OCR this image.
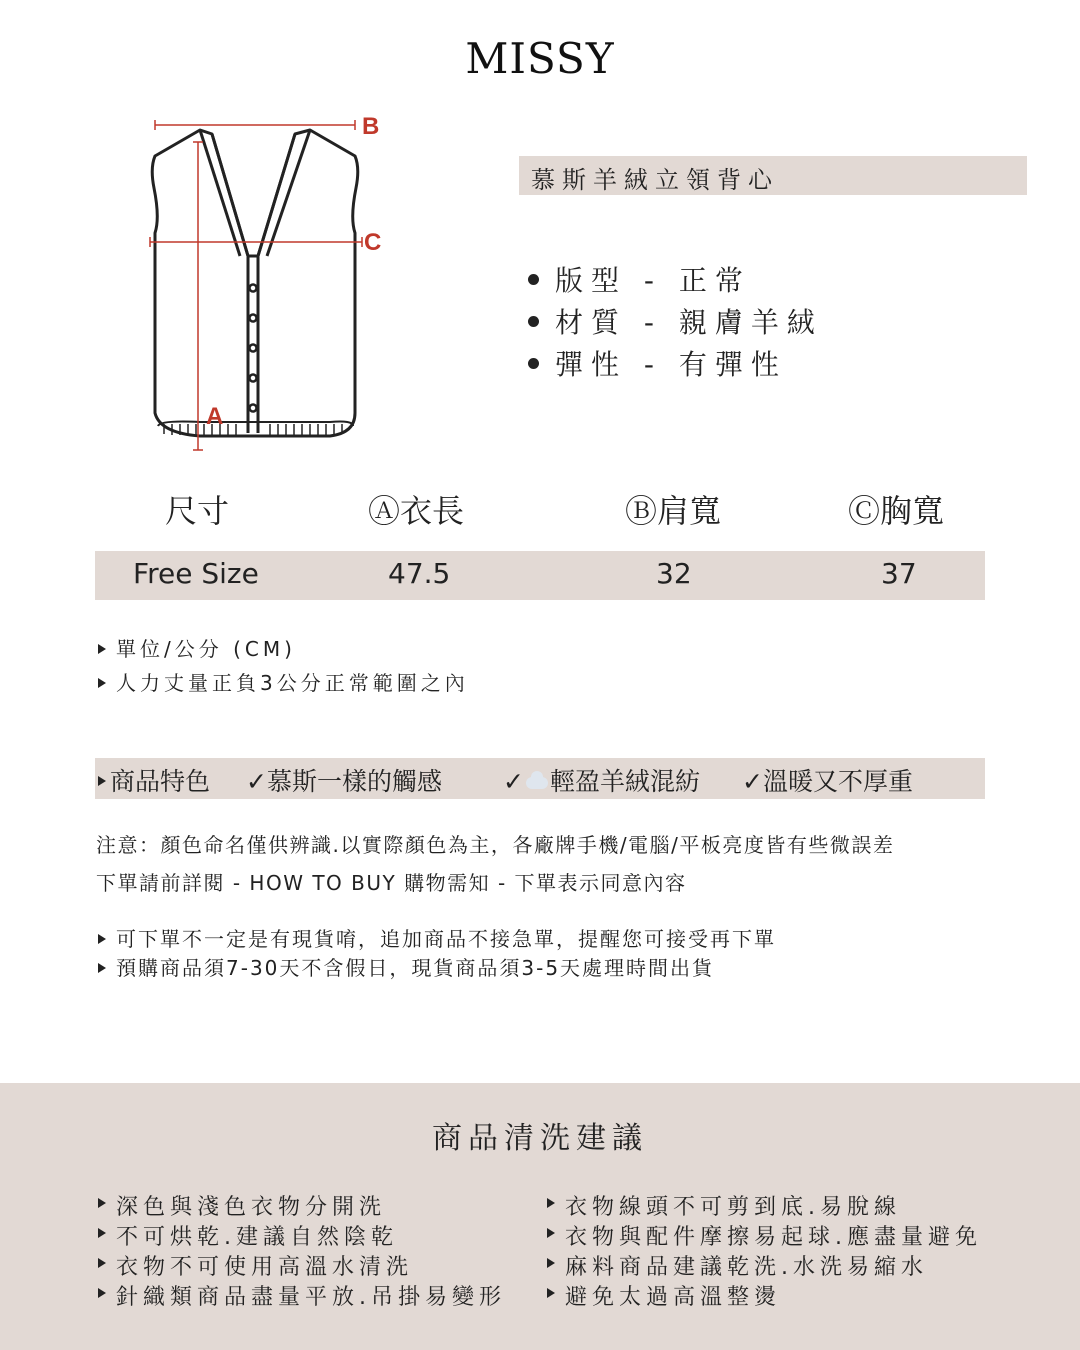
MISSY
B
C
A
慕斯羊絨立領背心
版型 - 正常
材質 - 親膚羊絨
彈性 - 有彈性
尺寸	Ⓐ衣長	Ⓑ肩寬	Ⓒ胸寬
Free Size	47.5	32	37
單位/公分 (CM)
人力丈量正負3公分正常範圍之內
商品特色 ✓慕斯一樣的觸感 ✓ 輕盈羊絨混紡 ✓溫暖又不厚重
注意：顏色命名僅供辨識.以實際顏色為主，各廠牌手機/電腦/平板亮度皆有些微誤差
下單請前詳閱 - HOW TO BUY 購物需知 - 下單表示同意內容
可下單不一定是有現貨唷，追加商品不接急單，提醒您可接受再下單
預購商品須7-30天不含假日，現貨商品須3-5天處理時間出貨
商品清洗建議
深色與淺色衣物分開洗
不可烘乾.建議自然陰乾
衣物不可使用高溫水清洗
針織類商品盡量平放.吊掛易變形
衣物線頭不可剪到底.易脫線
衣物與配件摩擦易起球.應盡量避免
麻料商品建議乾洗.水洗易縮水
避免太過高溫整燙
